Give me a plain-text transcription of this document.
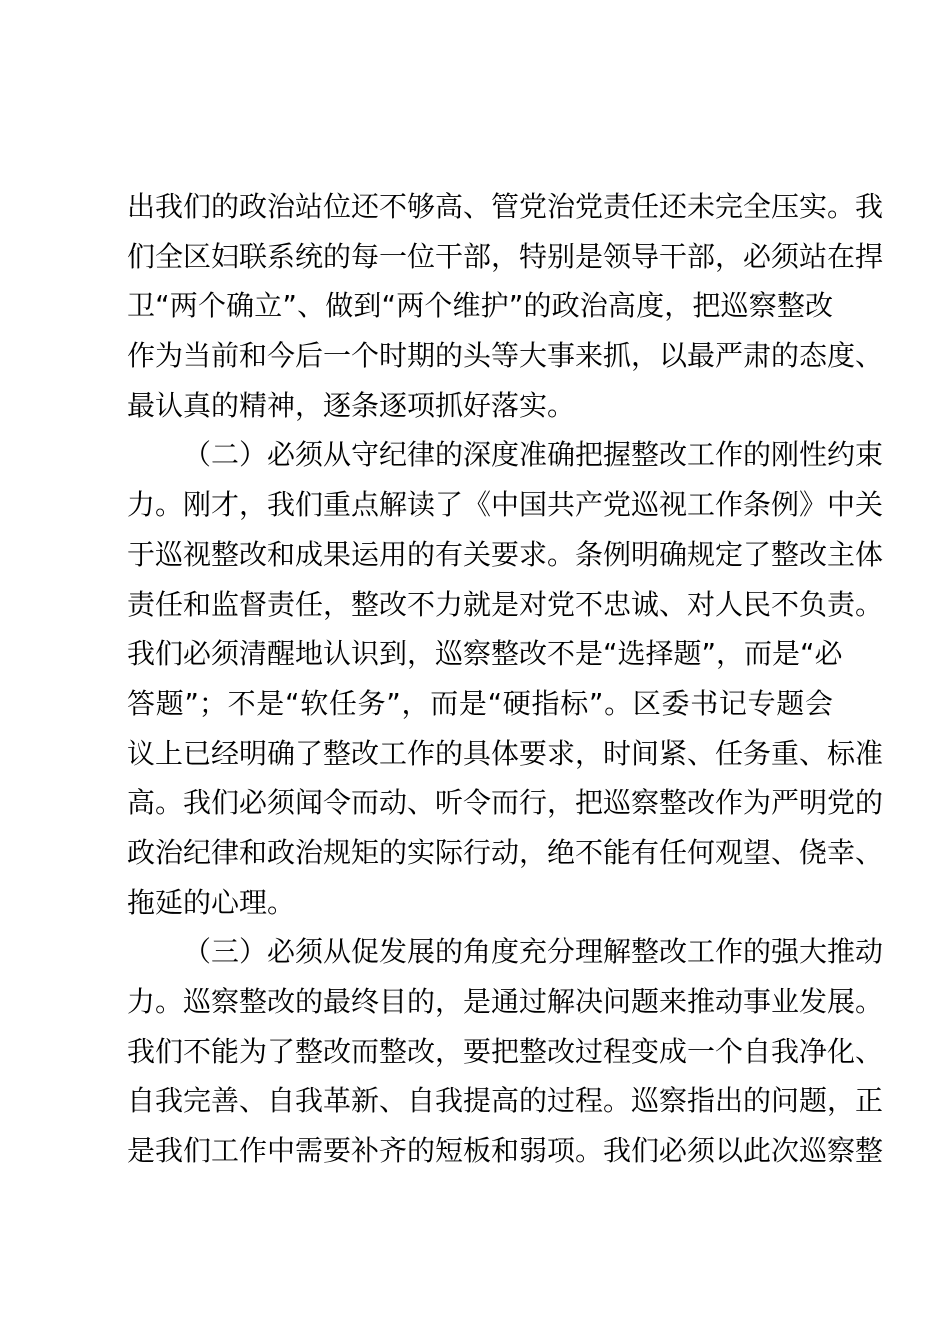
出我们的政治站位还不够高、管党治党责任还未完全压实。我
们全区妇联系统的每一位干部，特别是领导干部，必须站在捍
卫“两个确立”、做到“两个维护”的政治高度，把巡察整改
作为当前和今后一个时期的头等大事来抓，以最严肃的态度、
最认真的精神，逐条逐项抓好落实。
（二）必须从守纪律的深度准确把握整改工作的刚性约束
力。刚才，我们重点解读了《中国共产党巡视工作条例》中关
于巡视整改和成果运用的有关要求。条例明确规定了整改主体
责任和监督责任，整改不力就是对党不忠诚、对人民不负责。
我们必须清醒地认识到，巡察整改不是“选择题”，而是“必
答题”；不是“软任务”，而是“硬指标”。区委书记专题会
议上已经明确了整改工作的具体要求，时间紧、任务重、标准
高。我们必须闻令而动、听令而行，把巡察整改作为严明党的
政治纪律和政治规矩的实际行动，绝不能有任何观望、侥幸、
拖延的心理。
（三）必须从促发展的角度充分理解整改工作的强大推动
力。巡察整改的最终目的，是通过解决问题来推动事业发展。
我们不能为了整改而整改，要把整改过程变成一个自我净化、
自我完善、自我革新、自我提高的过程。巡察指出的问题，正
是我们工作中需要补齐的短板和弱项。我们必须以此次巡察整
